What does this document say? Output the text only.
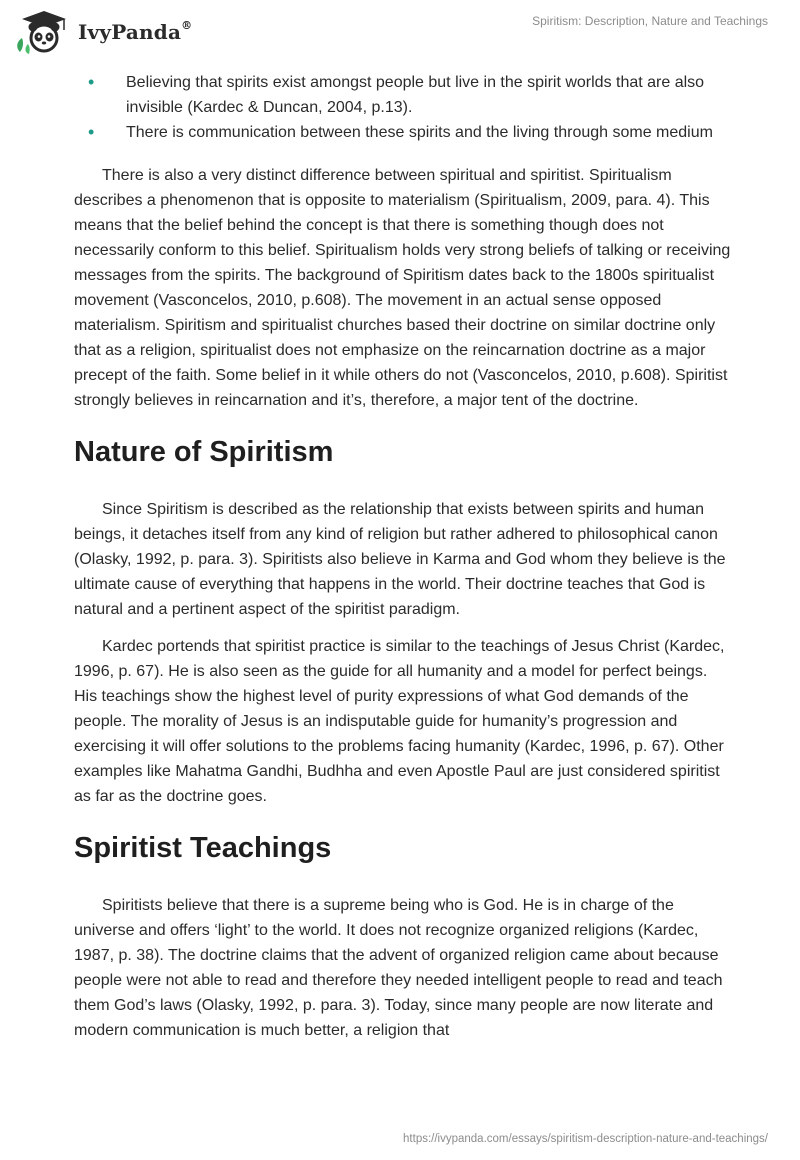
IvyPanda®	Spiritism: Description, Nature and Teachings
• Believing that spirits exist amongst people but live in the spirit worlds that are also invisible (Kardec & Duncan, 2004, p.13).
• There is communication between these spirits and the living through some medium

There is also a very distinct difference between spiritual and spiritist. Spiritualism describes a phenomenon that is opposite to materialism (Spiritualism, 2009, para. 4). This means that the belief behind the concept is that there is something though does not necessarily conform to this belief. Spiritualism holds very strong beliefs of talking or receiving messages from the spirits. The background of Spiritism dates back to the 1800s spiritualist movement (Vasconcelos, 2010, p.608). The movement in an actual sense opposed materialism. Spiritism and spiritualist churches based their doctrine on similar doctrine only that as a religion, spiritualist does not emphasize on the reincarnation doctrine as a major precept of the faith. Some belief in it while others do not (Vasconcelos, 2010, p.608). Spiritist strongly believes in reincarnation and it’s, therefore, a major tent of the doctrine.

Nature of Spiritism

Since Spiritism is described as the relationship that exists between spirits and human beings, it detaches itself from any kind of religion but rather adhered to philosophical canon (Olasky, 1992, p. para. 3). Spiritists also believe in Karma and God whom they believe is the ultimate cause of everything that happens in the world. Their doctrine teaches that God is natural and a pertinent aspect of the spiritist paradigm.

Kardec portends that spiritist practice is similar to the teachings of Jesus Christ (Kardec, 1996, p. 67). He is also seen as the guide for all humanity and a model for perfect beings. His teachings show the highest level of purity expressions of what God demands of the people. The morality of Jesus is an indisputable guide for humanity’s progression and exercising it will offer solutions to the problems facing humanity (Kardec, 1996, p. 67). Other examples like Mahatma Gandhi, Budhha and even Apostle Paul are just considered spiritist as far as the doctrine goes.

Spiritist Teachings

Spiritists believe that there is a supreme being who is God. He is in charge of the universe and offers ‘light’ to the world. It does not recognize organized religions (Kardec, 1987, p. 38). The doctrine claims that the advent of organized religion came about because people were not able to read and therefore they needed intelligent people to read and teach them God’s laws (Olasky, 1992, p. para. 3). Today, since many people are now literate and modern communication is much better, a religion that

https://ivypanda.com/essays/spiritism-description-nature-and-teachings/
